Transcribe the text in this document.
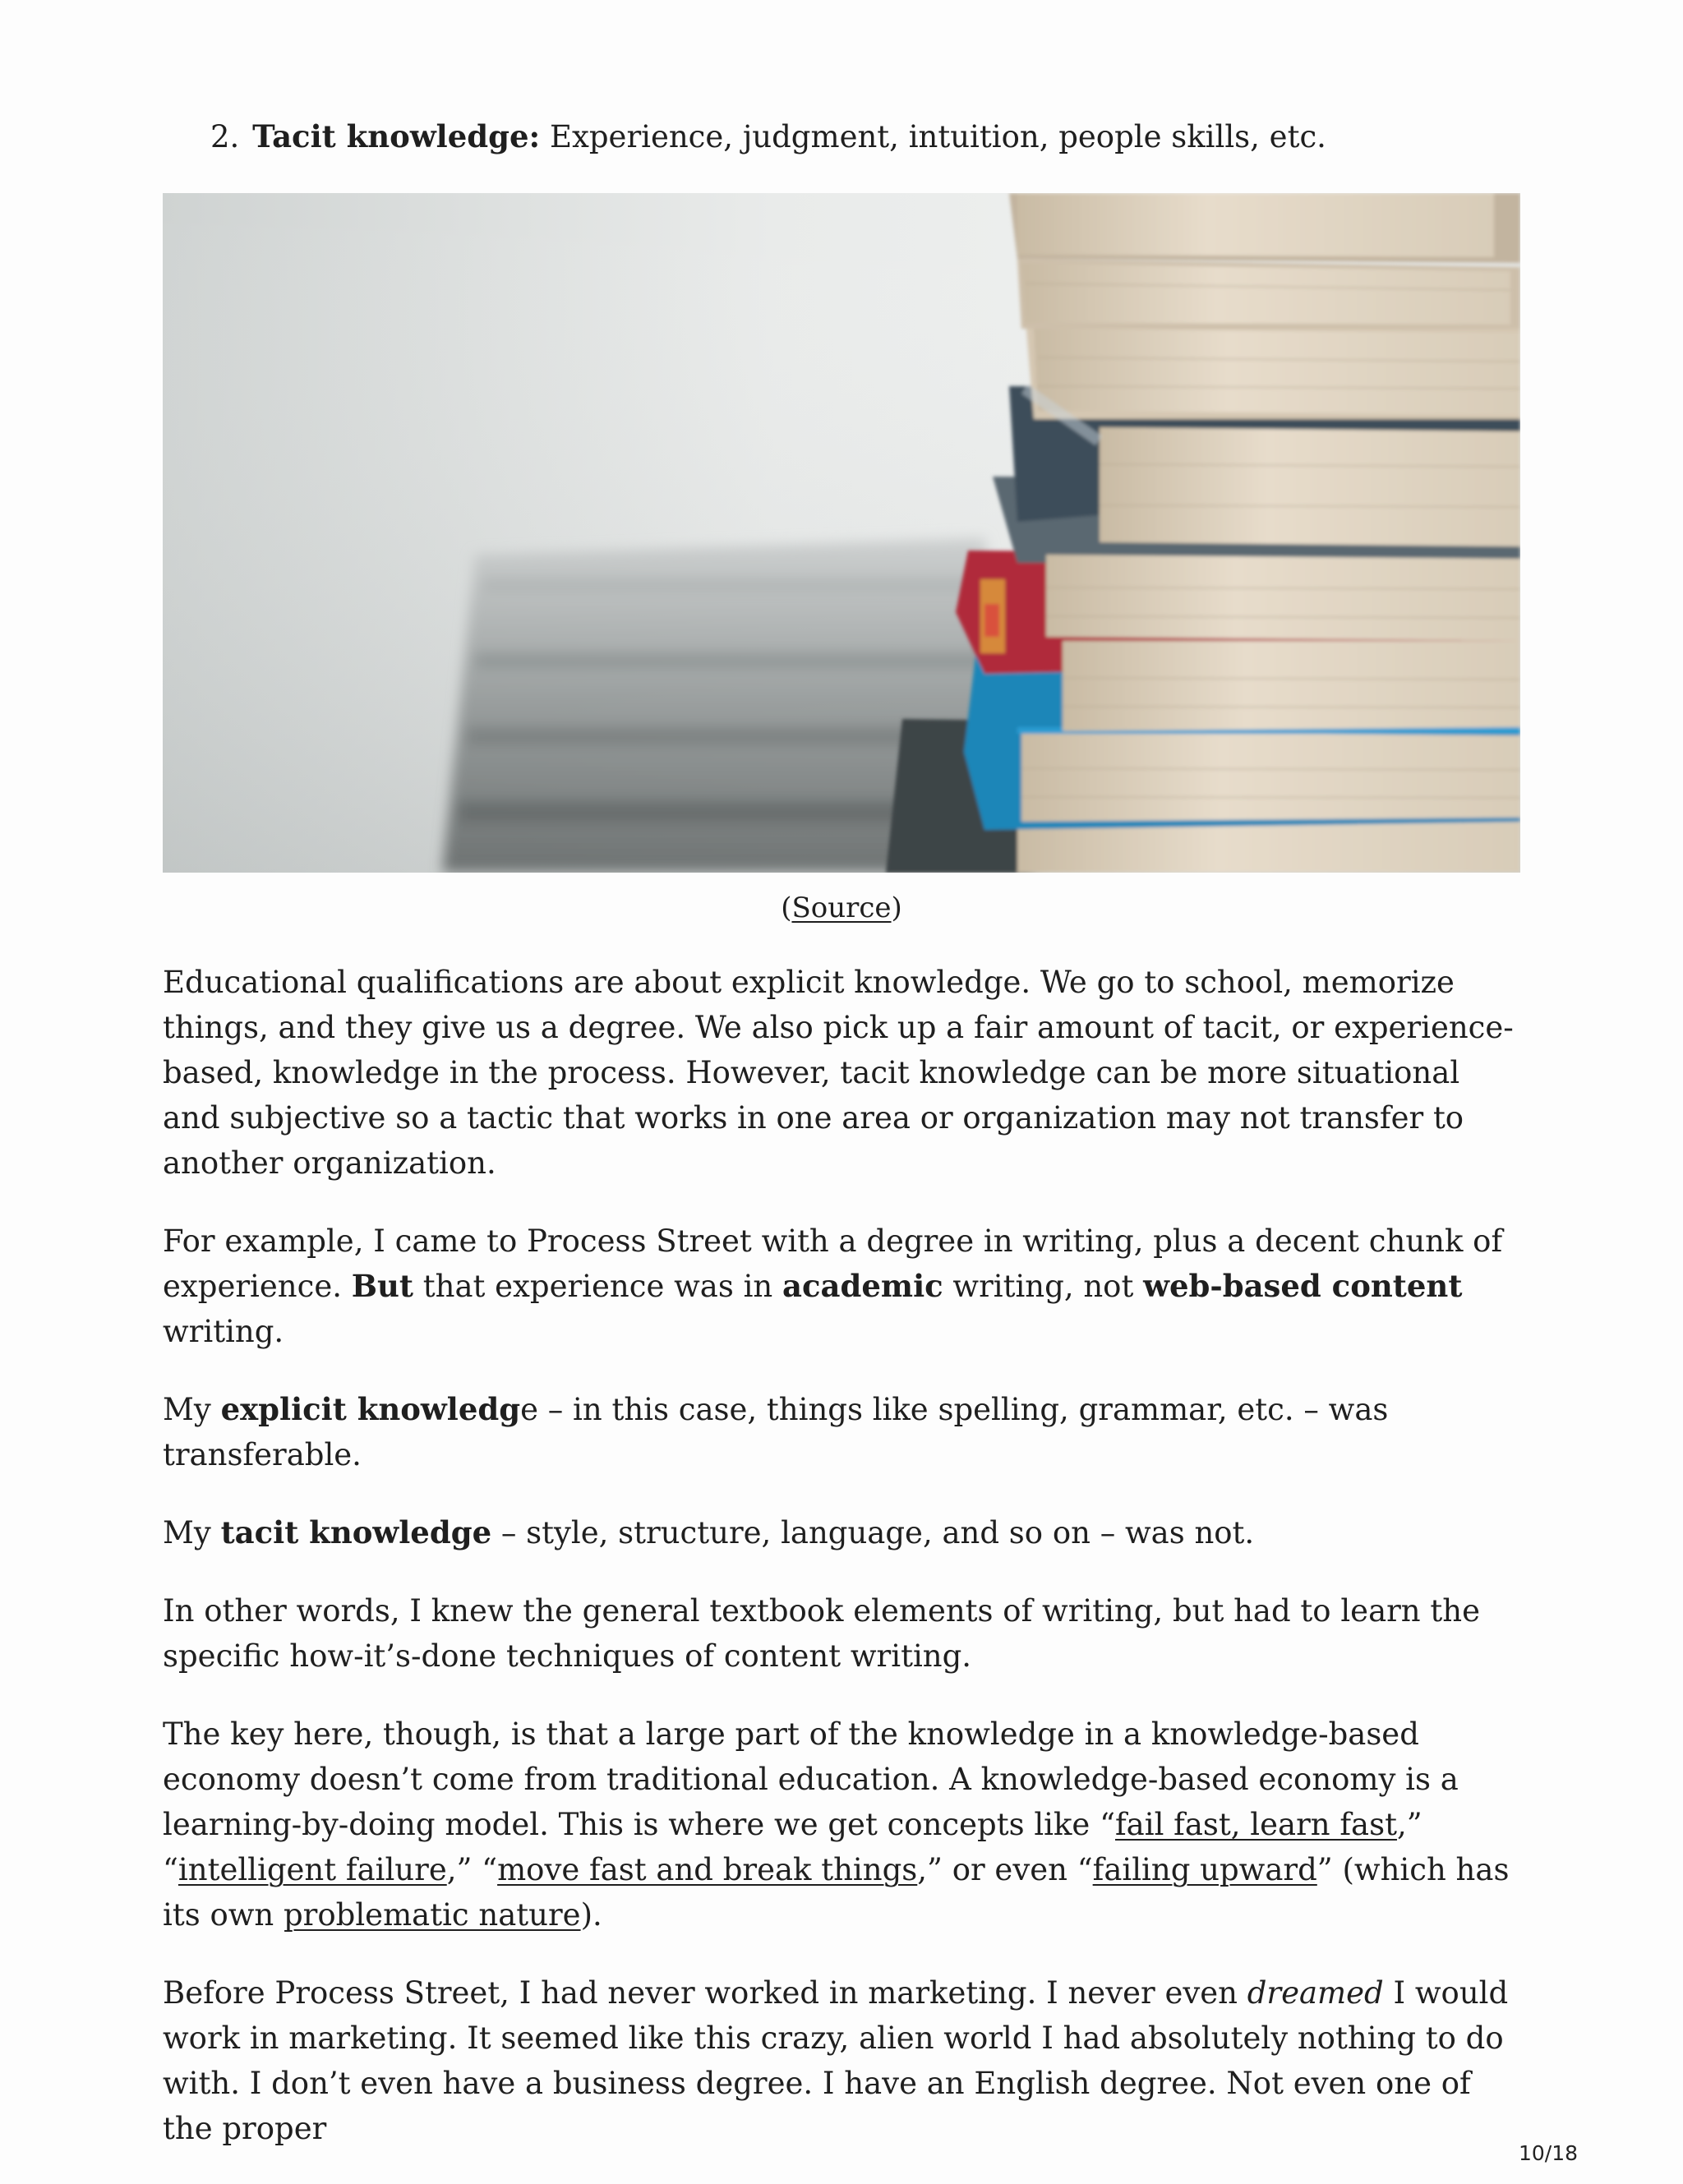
2. Tacit knowledge: Experience, judgment, intuition, people skills, etc.
(Source)

Educational qualifications are about explicit knowledge. We go to school, memorize things, and they give us a degree. We also pick up a fair amount of tacit, or experience-based, knowledge in the process. However, tacit knowledge can be more situational and subjective so a tactic that works in one area or organization may not transfer to another organization.

For example, I came to Process Street with a degree in writing, plus a decent chunk of experience. But that experience was in academic writing, not web-based content writing.

My explicit knowledge – in this case, things like spelling, grammar, etc. – was transferable.

My tacit knowledge – style, structure, language, and so on – was not.

In other words, I knew the general textbook elements of writing, but had to learn the specific how-it’s-done techniques of content writing.

The key here, though, is that a large part of the knowledge in a knowledge-based economy doesn’t come from traditional education. A knowledge-based economy is a learning-by-doing model. This is where we get concepts like “fail fast, learn fast,” “intelligent failure,” “move fast and break things,” or even “failing upward” (which has its own problematic nature).

Before Process Street, I had never worked in marketing. I never even dreamed I would work in marketing. It seemed like this crazy, alien world I had absolutely nothing to do with. I don’t even have a business degree. I have an English degree. Not even one of the proper

10/18
